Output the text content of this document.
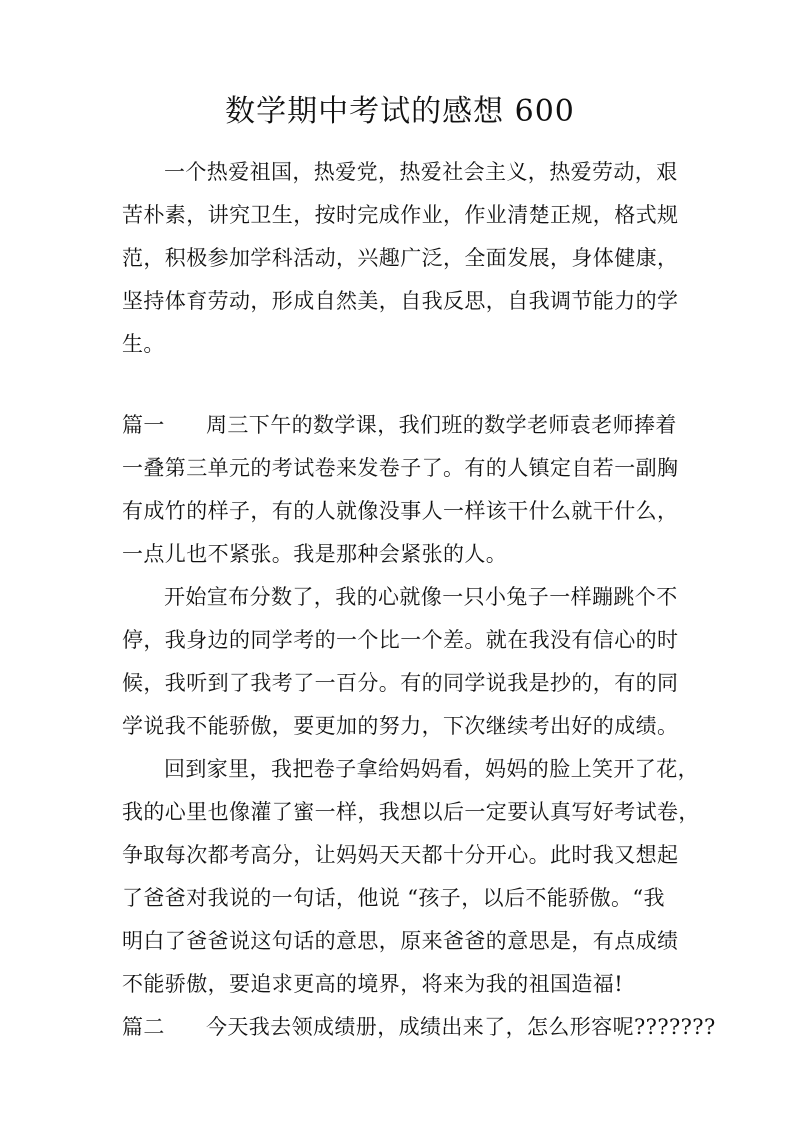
数学期中考试的感想 600
一个热爱祖国，热爱党，热爱社会主义，热爱劳动，艰
苦朴素，讲究卫生，按时完成作业，作业清楚正规，格式规
范，积极参加学科活动，兴趣广泛，全面发展，身体健康，
坚持体育劳动，形成自然美，自我反思，自我调节能力的学
生。
篇一 周三下午的数学课，我们班的数学老师袁老师捧着
一叠第三单元的考试卷来发卷子了。有的人镇定自若一副胸
有成竹的样子，有的人就像没事人一样该干什么就干什么，
一点儿也不紧张。我是那种会紧张的人。
开始宣布分数了，我的心就像一只小兔子一样蹦跳个不
停，我身边的同学考的一个比一个差。就在我没有信心的时
候，我听到了我考了一百分。有的同学说我是抄的，有的同
学说我不能骄傲，要更加的努力，下次继续考出好的成绩。
回到家里，我把卷子拿给妈妈看，妈妈的脸上笑开了花，
我的心里也像灌了蜜一样，我想以后一定要认真写好考试卷，
争取每次都考高分，让妈妈天天都十分开心。此时我又想起
了爸爸对我说的一句话，他说 “孩子，以后不能骄傲。“我
明白了爸爸说这句话的意思，原来爸爸的意思是，有点成绩
不能骄傲，要追求更高的境界，将来为我的祖国造福!
篇二 今天我去领成绩册，成绩出来了，怎么形容呢???????
